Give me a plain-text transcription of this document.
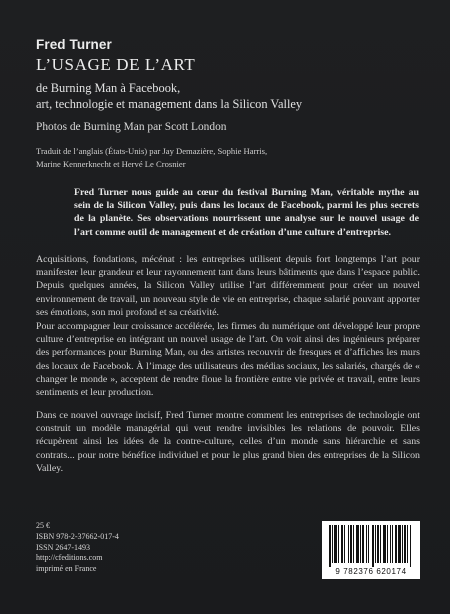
Fred Turner
L’USAGE DE L’ART
de Burning Man à Facebook,
art, technologie et management dans la Silicon Valley
Photos de Burning Man par Scott London
Traduit de l’anglais (États-Unis) par Jay Demazière, Sophie Harris,
Marine Kennerknecht et Hervé Le Crosnier
Fred Turner nous guide au cœur du festival Burning Man, véritable mythe au sein de la Silicon Valley, puis dans les locaux de Facebook, parmi les plus secrets de la planète. Ses observations nourrissent une analyse sur le nouvel usage de l’art comme outil de management et de création d’une culture d’entreprise.
Acquisitions, fondations, mécénat : les entreprises utilisent depuis fort longtemps l’art pour manifester leur grandeur et leur rayonnement tant dans leurs bâtiments que dans l’espace public. Depuis quelques années, la Silicon Valley utilise l’art différemment pour créer un nouvel environnement de travail, un nouveau style de vie en entreprise, chaque salarié pouvant apporter ses émotions, son moi profond et sa créativité.
Pour accompagner leur croissance accélérée, les firmes du numérique ont développé leur propre culture d’entreprise en intégrant un nouvel usage de l’art. On voit ainsi des ingénieurs préparer des performances pour Burning Man, ou des artistes recouvrir de fresques et d’affiches les murs des locaux de Facebook. À l’image des utilisateurs des médias sociaux, les salariés, chargés de « changer le monde », acceptent de rendre floue la frontière entre vie privée et travail, entre leurs sentiments et leur production.
Dans ce nouvel ouvrage incisif, Fred Turner montre comment les entreprises de technologie ont construit un modèle managérial qui veut rendre invisibles les relations de pouvoir. Elles récupèrent ainsi les idées de la contre-culture, celles d’un monde sans hiérarchie et sans contrats... pour notre bénéfice individuel et pour le plus grand bien des entreprises de la Silicon Valley.
25 €
ISBN 978-2-37662-017-4
ISSN 2647-1493
http://cfeditions.com
imprimé en France	9 782376 620174
